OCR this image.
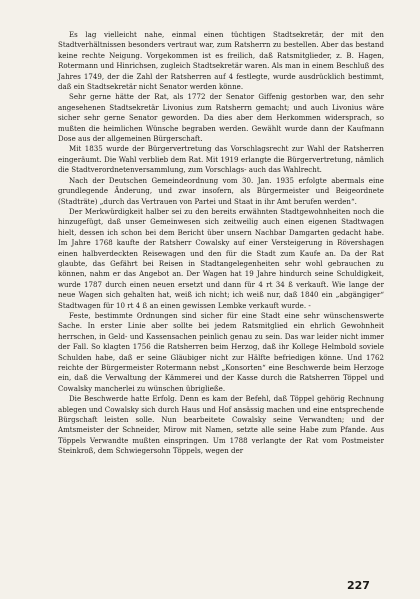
Es lag vielleicht nahe, einmal einen tüchtigen Stadtsekretär, der mit den Stadtverhältnissen besonders vertraut war, zum Ratsherrn zu bestellen. Aber das bestand keine rechte Neigung. Vorgekommen ist es freilich, daß Ratsmitglieder, z. B. Hagen, Rotermann und Hinrichsen, zugleich Stadtsekretär waren. Als man in einem Beschluß des Jahres 1749, der die Zahl der Ratsherren auf 4 festlegte, wurde ausdrücklich bestimmt, daß ein Stadtsekretär nicht Senator werden könne.

Sehr gerne hätte der Rat, als 1772 der Senator Giffenig gestorben war, den sehr angesehenen Stadtsekretär Livonius zum Ratsherrn gemacht; und auch Livonius wäre sicher sehr gerne Senator geworden. Da dies aber dem Herkommen widersprach, so mußten die heimlichen Wünsche begraben werden. Gewählt wurde dann der Kaufmann Dose aus der allgemeinen Bürgerschaft.

Mit 1835 wurde der Bürgervertretung das Vorschlagsrecht zur Wahl der Ratsherren eingeräumt. Die Wahl verblieb dem Rat. Mit 1919 erlangte die Bürgervertretung, nämlich die Stadtverordnetenversammlung, zum Vorschlags- auch das Wahlrecht.

Nach der Deutschen Gemeindeordnung vom 30. Jan. 1935 erfolgte abermals eine grundlegende Änderung, und zwar insofern, als Bürgermeister und Beigeordnete (Stadträte) „durch das Vertrauen von Partei und Staat in ihr Amt berufen werden“.

Der Merkwürdigkeit halber sei zu den bereits erwähnten Stadtgewohnheiten noch die hinzugefügt, daß unser Gemeinwesen sich zeitweilig auch einen eigenen Stadtwagen hielt, dessen ich schon bei dem Bericht über unsern Nachbar Damgarten gedacht habe. Im Jahre 1768 kaufte der Ratsherr Cowalsky auf einer Versteigerung in Rövershagen einen halbverdeckten Reisewagen und den für die Stadt zum Kaufe an. Da der Rat glaubte, das Gefährt bei Reisen in Stadtangelegenheiten sehr wohl gebrauchen zu können, nahm er das Angebot an. Der Wagen hat 19 Jahre hindurch seine Schuldigkeit, wurde 1787 durch einen neuen ersetzt und dann für 4 rt 34 ß verkauft. Wie lange der neue Wagen sich gehalten hat, weiß ich nicht; ich weiß nur, daß 1840 ein „abgängiger“ Stadtwagen für 10 rt 4 ß an einen gewissen Lembke verkauft wurde. -

Feste, bestimmte Ordnungen sind sicher für eine Stadt eine sehr wünschenswerte Sache. In erster Linie aber sollte bei jedem Ratsmitglied ein ehrlich Gewohnheit herrschen, in Geld- und Kassensachen peinlich genau zu sein. Das war leider nicht immer der Fall. So klagten 1756 die Ratsherren beim Herzog, daß ihr Kollege Helmbold soviele Schulden habe, daß er seine Gläubiger nicht zur Hälfte befriedigen könne. Und 1762 reichte der Bürgermeister Rotermann nebst „Konsorten“ eine Beschwerde beim Herzoge ein, daß die Verwaltung der Kämmerei und der Kasse durch die Ratsherren Töppel und Cowalsky mancherlei zu wünschen übrigließe.

Die Beschwerde hatte Erfolg. Denn es kam der Befehl, daß Töppel gehörig Rechnung ablegen und Cowalsky sich durch Haus und Hof ansässig machen und eine entsprechende Bürgschaft leisten solle. Nun bearbeitete Cowalsky seine Verwandten; und der Amtsmeister der Schneider, Mirow mit Namen, setzte alle seine Habe zum Pfande. Aus Töppels Verwandte mußten einspringen. Um 1788 verlangte der Rat vom Postmeister Steinkroß, dem Schwiegersohn Töppels, wegen der

227
